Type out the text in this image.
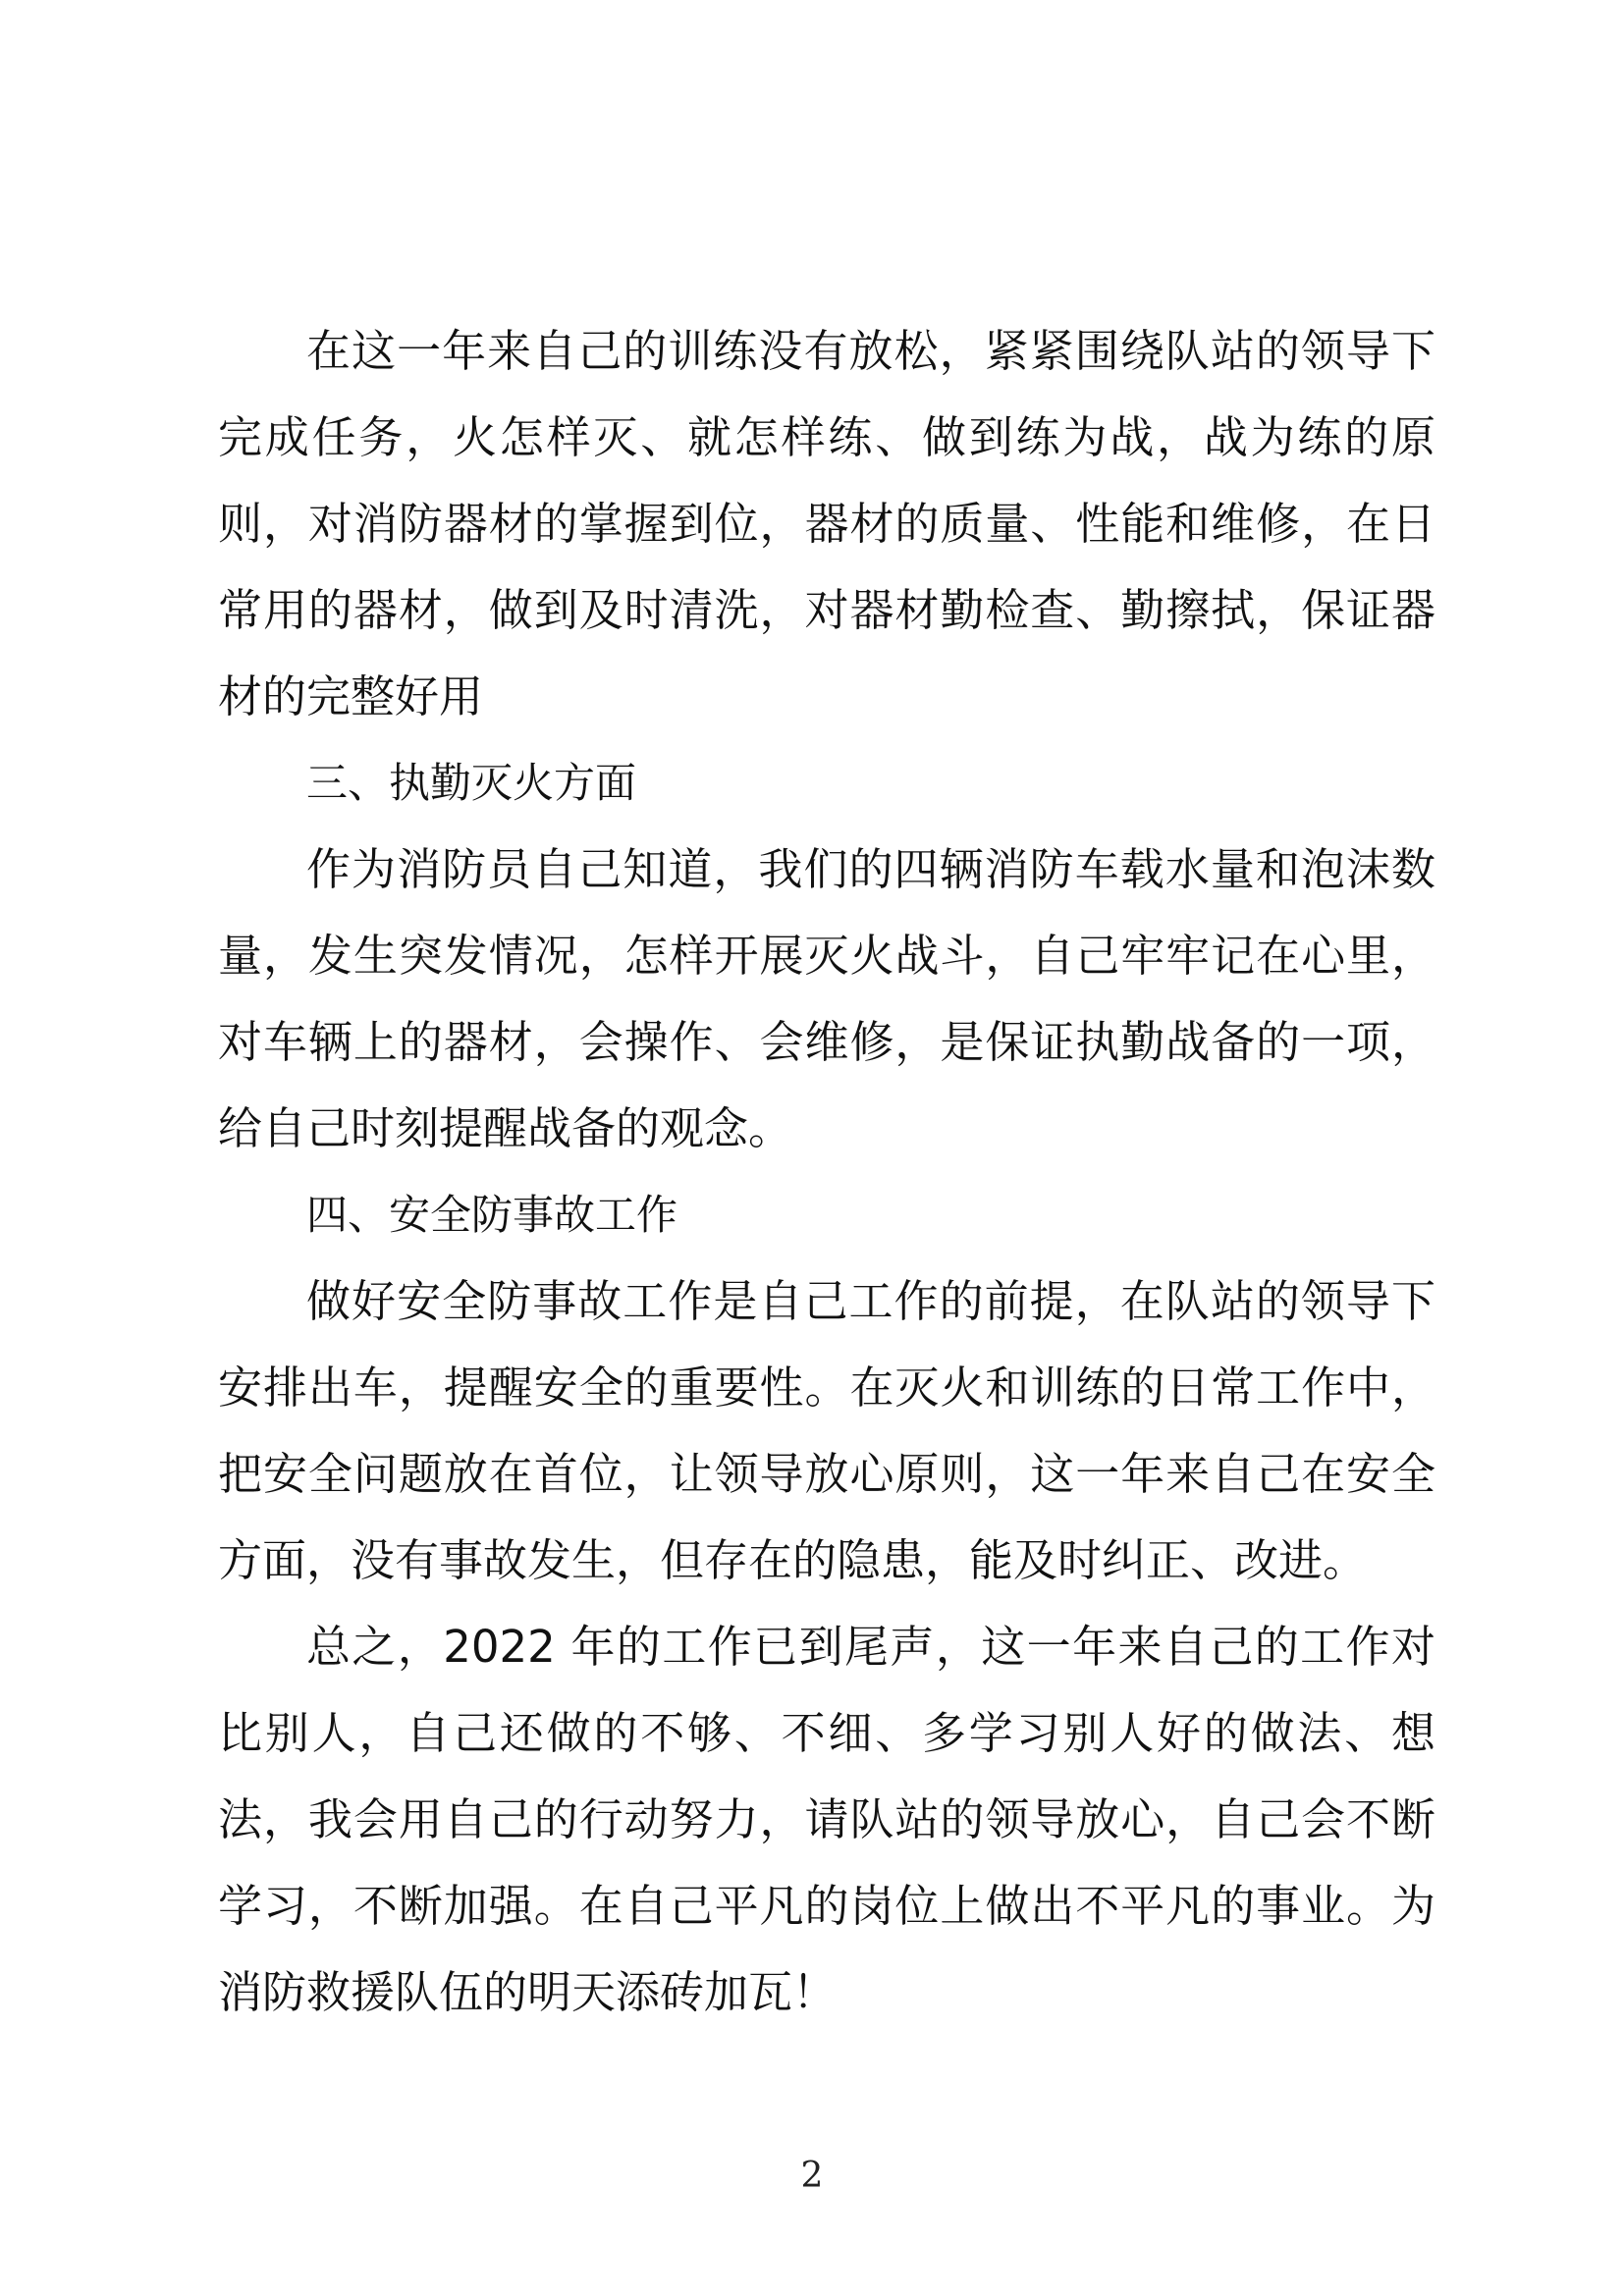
在这一年来自己的训练没有放松，紧紧围绕队站的领导下完成任务，火怎样灭、就怎样练、做到练为战，战为练的原则，对消防器材的掌握到位，器材的质量、性能和维修，在日常用的器材，做到及时清洗，对器材勤检查、勤擦拭，保证器材的完整好用

三、执勤灭火方面

作为消防员自己知道，我们的四辆消防车载水量和泡沫数量，发生突发情况，怎样开展灭火战斗，自己牢牢记在心里，对车辆上的器材，会操作、会维修，是保证执勤战备的一项，给自己时刻提醒战备的观念。

四、安全防事故工作

做好安全防事故工作是自己工作的前提，在队站的领导下安排出车，提醒安全的重要性。在灭火和训练的日常工作中，把安全问题放在首位，让领导放心原则，这一年来自己在安全方面，没有事故发生，但存在的隐患，能及时纠正、改进。

总之，2022 年的工作已到尾声，这一年来自己的工作对比别人，自己还做的不够、不细、多学习别人好的做法、想法，我会用自己的行动努力，请队站的领导放心，自己会不断学习，不断加强。在自己平凡的岗位上做出不平凡的事业。为消防救援队伍的明天添砖加瓦！

2
